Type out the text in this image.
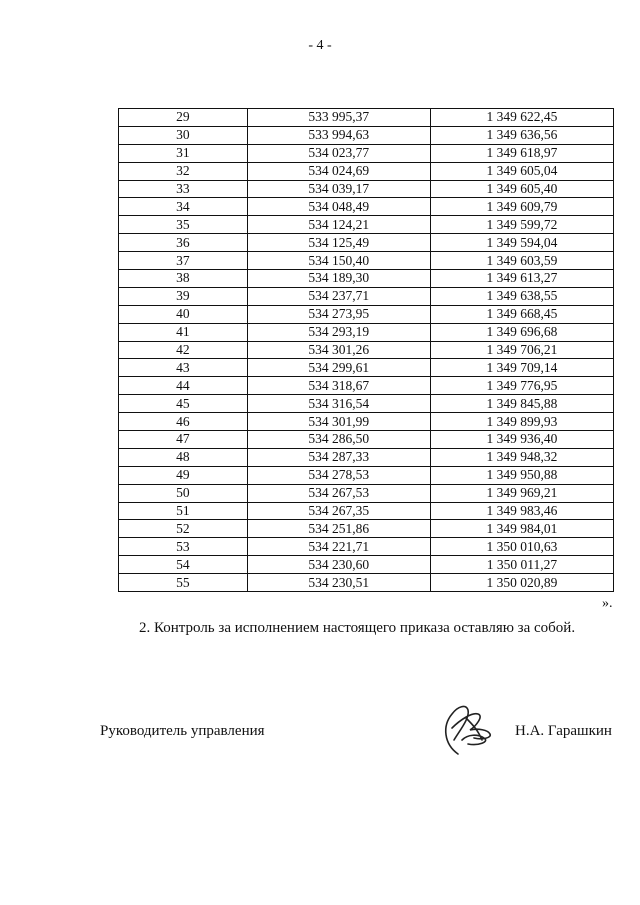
- 4 -
29	533 995,37	1 349 622,45
30	533 994,63	1 349 636,56
31	534 023,77	1 349 618,97
32	534 024,69	1 349 605,04
33	534 039,17	1 349 605,40
34	534 048,49	1 349 609,79
35	534 124,21	1 349 599,72
36	534 125,49	1 349 594,04
37	534 150,40	1 349 603,59
38	534 189,30	1 349 613,27
39	534 237,71	1 349 638,55
40	534 273,95	1 349 668,45
41	534 293,19	1 349 696,68
42	534 301,26	1 349 706,21
43	534 299,61	1 349 709,14
44	534 318,67	1 349 776,95
45	534 316,54	1 349 845,88
46	534 301,99	1 349 899,93
47	534 286,50	1 349 936,40
48	534 287,33	1 349 948,32
49	534 278,53	1 349 950,88
50	534 267,53	1 349 969,21
51	534 267,35	1 349 983,46
52	534 251,86	1 349 984,01
53	534 221,71	1 350 010,63
54	534 230,60	1 350 011,27
55	534 230,51	1 350 020,89
».
2. Контроль за исполнением настоящего приказа оставляю за собой.
Руководитель управления	Н.А. Гарашкин
